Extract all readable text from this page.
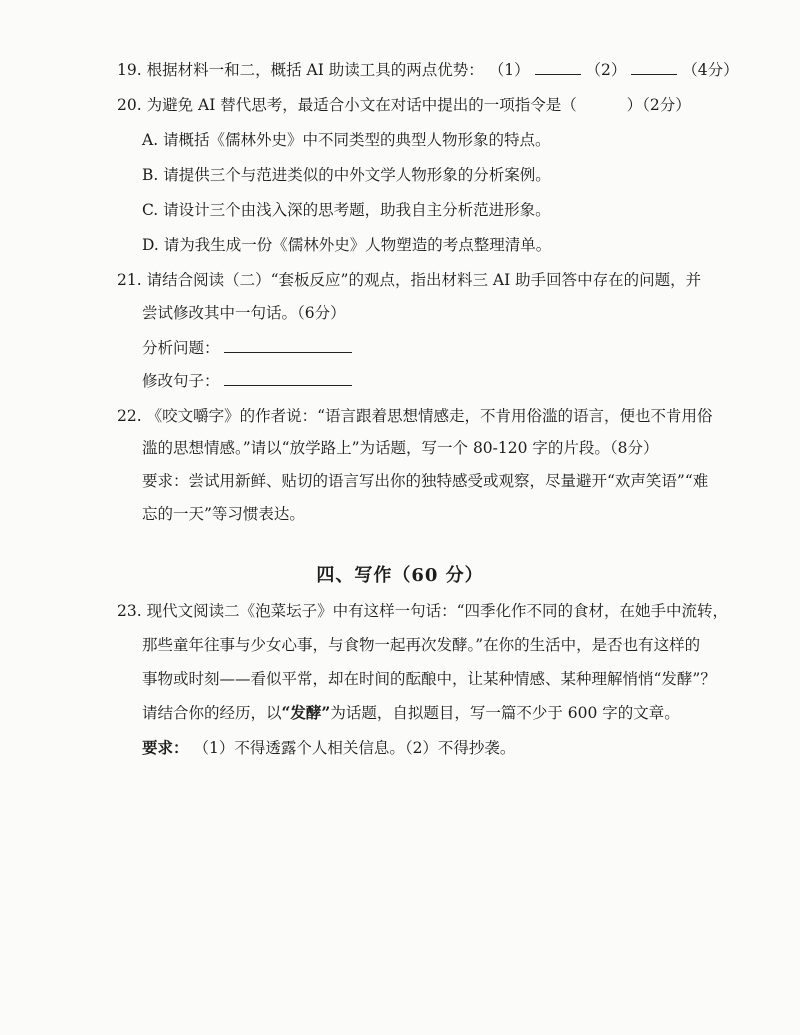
19. 根据材料一和二，概括 AI 助读工具的两点优势： （1）	（2）	（4分）
20. 为避免 AI 替代思考，最适合小文在对话中提出的一项指令是（	）（2分）
A. 请概括《儒林外史》中不同类型的典型人物形象的特点。
B. 请提供三个与范进类似的中外文学人物形象的分析案例。
C. 请设计三个由浅入深的思考题，助我自主分析范进形象。
D. 请为我生成一份《儒林外史》人物塑造的考点整理清单。
21. 请结合阅读（二）“套板反应”的观点，指出材料三 AI 助手回答中存在的问题，并
尝试修改其中一句话。（6分）
分析问题：
修改句子：
22. 《咬文嚼字》的作者说：“语言跟着思想情感走，不肯用俗滥的语言，便也不肯用俗
滥的思想情感。”请以“放学路上”为话题，写一个 80-120 字的片段。（8分）
要求：尝试用新鲜、贴切的语言写出你的独特感受或观察，尽量避开“欢声笑语”“难
忘的一天”等习惯表达。
四、写作（60 分）
23. 现代文阅读二《泡菜坛子》中有这样一句话：“四季化作不同的食材，在她手中流转，
那些童年往事与少女心事，与食物一起再次发酵。”在你的生活中，是否也有这样的
事物或时刻——看似平常，却在时间的酝酿中，让某种情感、某种理解悄悄“发酵”？
请结合你的经历，以“发酵”为话题，自拟题目，写一篇不少于 600 字的文章。
要求： （1）不得透露个人相关信息。（2）不得抄袭。
